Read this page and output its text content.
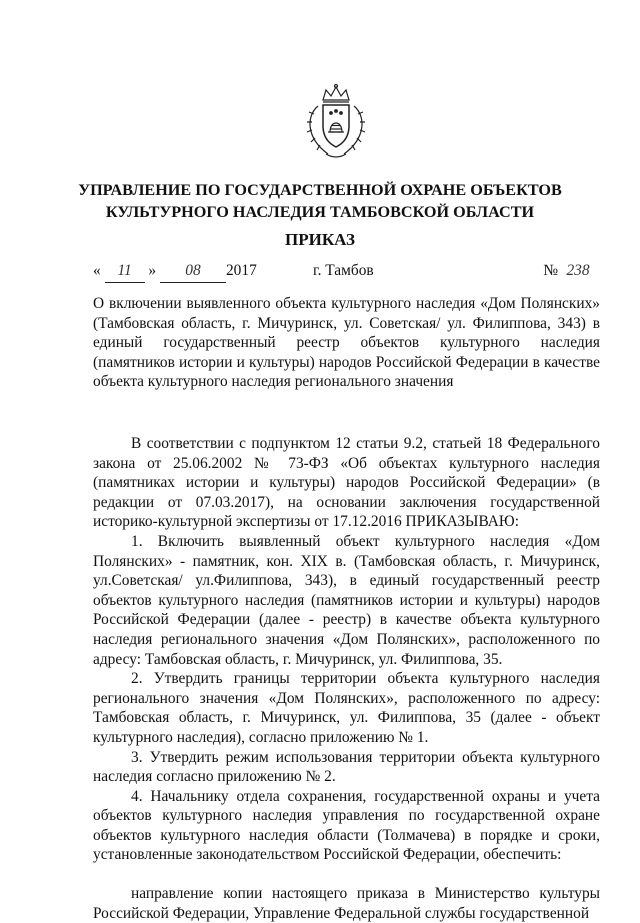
УПРАВЛЕНИЕ ПО ГОСУДАРСТВЕННОЙ ОХРАНЕ ОБЪЕКТОВ
КУЛЬТУРНОГО НАСЛЕДИЯ ТАМБОВСКОЙ ОБЛАСТИ
ПРИКАЗ
« 11 » 08 2017	г. Тамбов	№ 238

О включении выявленного объекта культурного наследия «Дом Полянских» (Тамбовская область, г. Мичуринск, ул. Советская/ ул. Филиппова, 343) в единый государственный реестр объектов культурного наследия (памятников истории и культуры) народов Российской Федерации в качестве объекта культурного наследия регионального значения

В соответствии с подпунктом 12 статьи 9.2, статьей 18 Федерального закона от 25.06.2002 № 73-ФЗ «Об объектах культурного наследия (памятниках истории и культуры) народов Российской Федерации» (в редакции от 07.03.2017), на основании заключения государственной историко-культурной экспертизы от 17.12.2016 ПРИКАЗЫВАЮ:

1. Включить выявленный объект культурного наследия «Дом Полянских» - памятник, кон. XIX в. (Тамбовская область, г. Мичуринск, ул.Советская/ ул.Филиппова, 343), в единый государственный реестр объектов культурного наследия (памятников истории и культуры) народов Российской Федерации (далее - реестр) в качестве объекта культурного наследия регионального значения «Дом Полянских», расположенного по адресу: Тамбовская область, г. Мичуринск, ул. Филиппова, 35.

2. Утвердить границы территории объекта культурного наследия регионального значения «Дом Полянских», расположенного по адресу: Тамбовская область, г. Мичуринск, ул. Филиппова, 35 (далее - объект культурного наследия), согласно приложению № 1.

3. Утвердить режим использования территории объекта культурного наследия согласно приложению № 2.

4. Начальнику отдела сохранения, государственной охраны и учета объектов культурного наследия управления по государственной охране объектов культурного наследия области (Толмачева) в порядке и сроки, установленные законодательством Российской Федерации, обеспечить:

направление копии настоящего приказа в Министерство культуры Российской Федерации, Управление Федеральной службы государственной
